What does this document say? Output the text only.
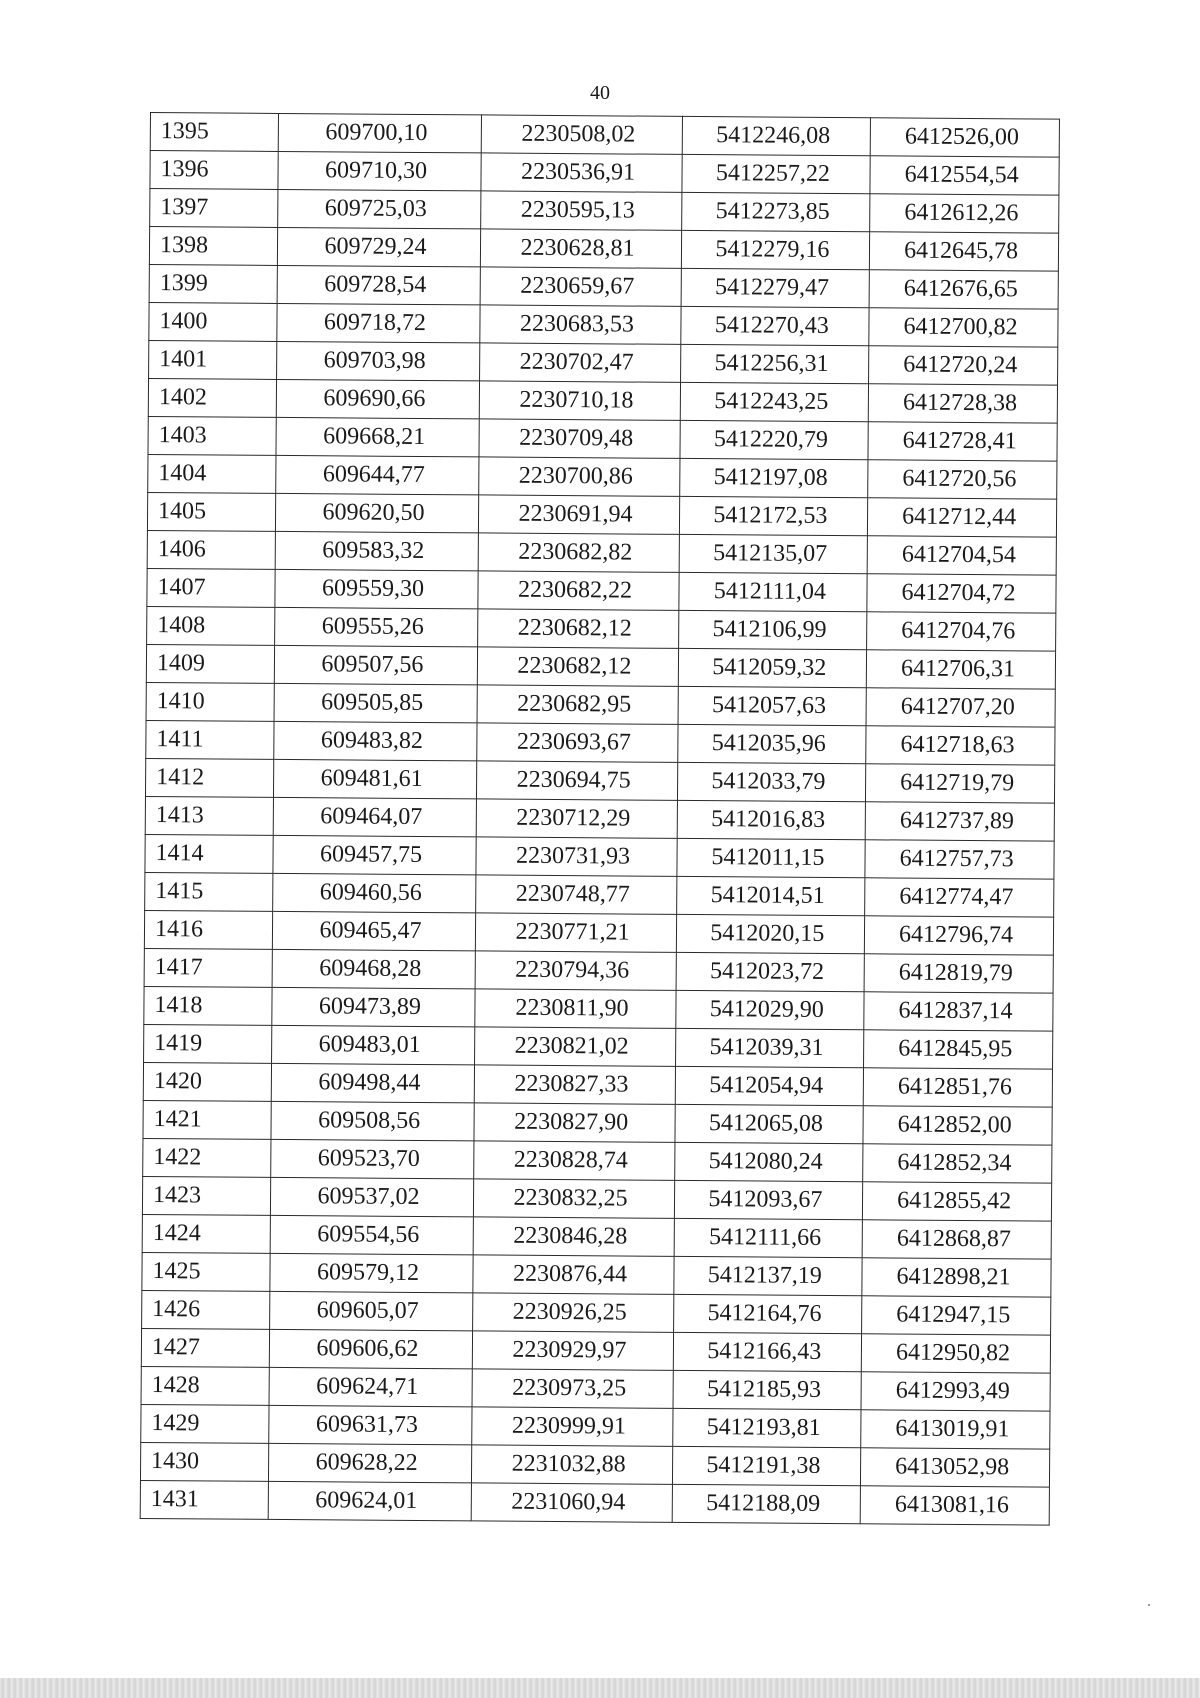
40
1395	609700,10	2230508,02	5412246,08	6412526,00
1396	609710,30	2230536,91	5412257,22	6412554,54
1397	609725,03	2230595,13	5412273,85	6412612,26
1398	609729,24	2230628,81	5412279,16	6412645,78
1399	609728,54	2230659,67	5412279,47	6412676,65
1400	609718,72	2230683,53	5412270,43	6412700,82
1401	609703,98	2230702,47	5412256,31	6412720,24
1402	609690,66	2230710,18	5412243,25	6412728,38
1403	609668,21	2230709,48	5412220,79	6412728,41
1404	609644,77	2230700,86	5412197,08	6412720,56
1405	609620,50	2230691,94	5412172,53	6412712,44
1406	609583,32	2230682,82	5412135,07	6412704,54
1407	609559,30	2230682,22	5412111,04	6412704,72
1408	609555,26	2230682,12	5412106,99	6412704,76
1409	609507,56	2230682,12	5412059,32	6412706,31
1410	609505,85	2230682,95	5412057,63	6412707,20
1411	609483,82	2230693,67	5412035,96	6412718,63
1412	609481,61	2230694,75	5412033,79	6412719,79
1413	609464,07	2230712,29	5412016,83	6412737,89
1414	609457,75	2230731,93	5412011,15	6412757,73
1415	609460,56	2230748,77	5412014,51	6412774,47
1416	609465,47	2230771,21	5412020,15	6412796,74
1417	609468,28	2230794,36	5412023,72	6412819,79
1418	609473,89	2230811,90	5412029,90	6412837,14
1419	609483,01	2230821,02	5412039,31	6412845,95
1420	609498,44	2230827,33	5412054,94	6412851,76
1421	609508,56	2230827,90	5412065,08	6412852,00
1422	609523,70	2230828,74	5412080,24	6412852,34
1423	609537,02	2230832,25	5412093,67	6412855,42
1424	609554,56	2230846,28	5412111,66	6412868,87
1425	609579,12	2230876,44	5412137,19	6412898,21
1426	609605,07	2230926,25	5412164,76	6412947,15
1427	609606,62	2230929,97	5412166,43	6412950,82
1428	609624,71	2230973,25	5412185,93	6412993,49
1429	609631,73	2230999,91	5412193,81	6413019,91
1430	609628,22	2231032,88	5412191,38	6413052,98
1431	609624,01	2231060,94	5412188,09	6413081,16
